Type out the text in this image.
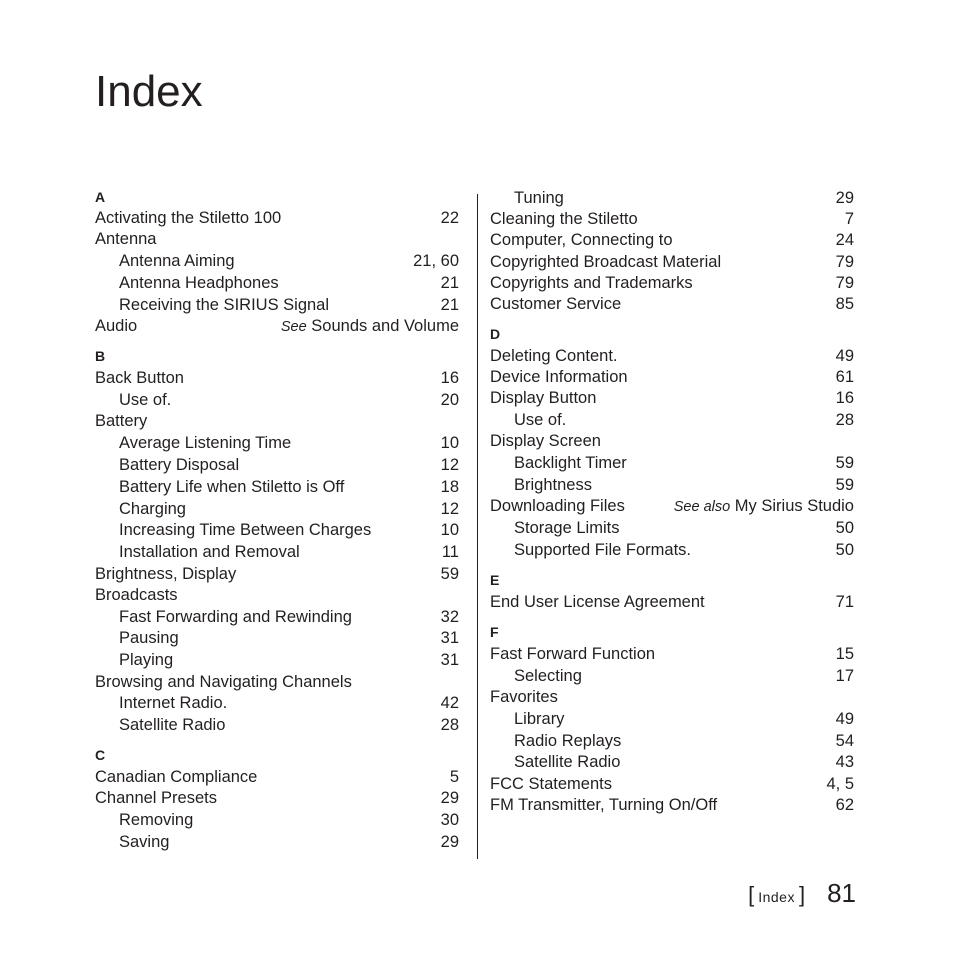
Index
A
Activating the Stiletto 100	22
Antenna
Antenna Aiming	21, 60
Antenna Headphones	21
Receiving the SIRIUS Signal	21
Audio	See Sounds and Volume
B
Back Button	16
Use of.	20
Battery
Average Listening Time	10
Battery Disposal	12
Battery Life when Stiletto is Off	18
Charging	12
Increasing Time Between Charges	10
Installation and Removal	11
Brightness, Display	59
Broadcasts
Fast Forwarding and Rewinding	32
Pausing	31
Playing	31
Browsing and Navigating Channels
Internet Radio.	42
Satellite Radio	28
C
Canadian Compliance	5
Channel Presets	29
Removing	30
Saving	29
Tuning	29
Cleaning the Stiletto	7
Computer, Connecting to	24
Copyrighted Broadcast Material	79
Copyrights and Trademarks	79
Customer Service	85
D
Deleting Content.	49
Device Information	61
Display Button	16
Use of.	28
Display Screen
Backlight Timer	59
Brightness	59
Downloading Files	See also My Sirius Studio
Storage Limits	50
Supported File Formats.	50
E
End User License Agreement	71
F
Fast Forward Function	15
Selecting	17
Favorites
Library	49
Radio Replays	54
Satellite Radio	43
FCC Statements	4, 5
FM Transmitter, Turning On/Off	62
[ Index ] 81
